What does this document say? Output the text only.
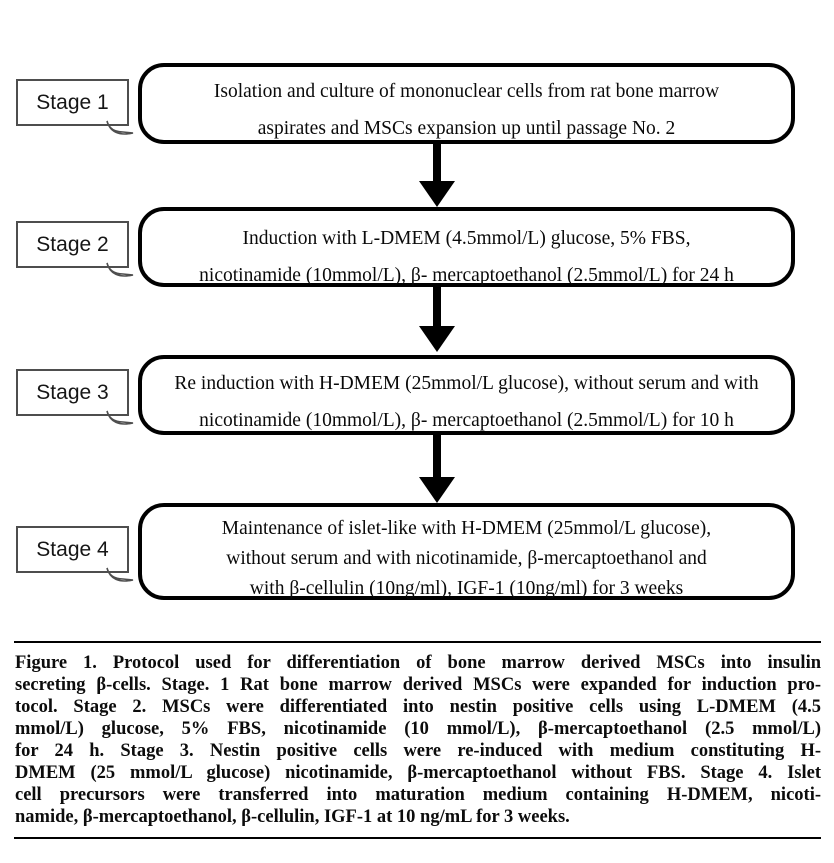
Stage 1	Isolation and culture of mononuclear cells from rat bone marrow
aspirates and MSCs expansion up until passage No. 2
Stage 2	Induction with L-DMEM (4.5mmol/L) glucose, 5% FBS,
nicotinamide (10mmol/L), β- mercaptoethanol (2.5mmol/L) for 24 h
Stage 3	Re induction with H-DMEM (25mmol/L glucose), without serum and with
nicotinamide (10mmol/L), β- mercaptoethanol (2.5mmol/L) for 10 h
Stage 4
Maintenance of islet-like with H-DMEM (25mmol/L glucose),
without serum and with nicotinamide, β-mercaptoethanol and
with β-cellulin (10ng/ml), IGF-1 (10ng/ml) for 3 weeks
Figure 1. Protocol used for differentiation of bone marrow derived MSCs into insulin
secreting β-cells. Stage. 1 Rat bone marrow derived MSCs were expanded for induction pro-
tocol. Stage 2. MSCs were differentiated into nestin positive cells using L-DMEM (4.5
mmol/L) glucose, 5% FBS, nicotinamide (10 mmol/L), β-mercaptoethanol (2.5 mmol/L)
for 24 h. Stage 3. Nestin positive cells were re-induced with medium constituting H-
DMEM (25 mmol/L glucose) nicotinamide, β-mercaptoethanol without FBS. Stage 4. Islet
cell precursors were transferred into maturation medium containing H-DMEM, nicoti-
namide, β-mercaptoethanol, β-cellulin, IGF-1 at 10 ng/mL for 3 weeks.
